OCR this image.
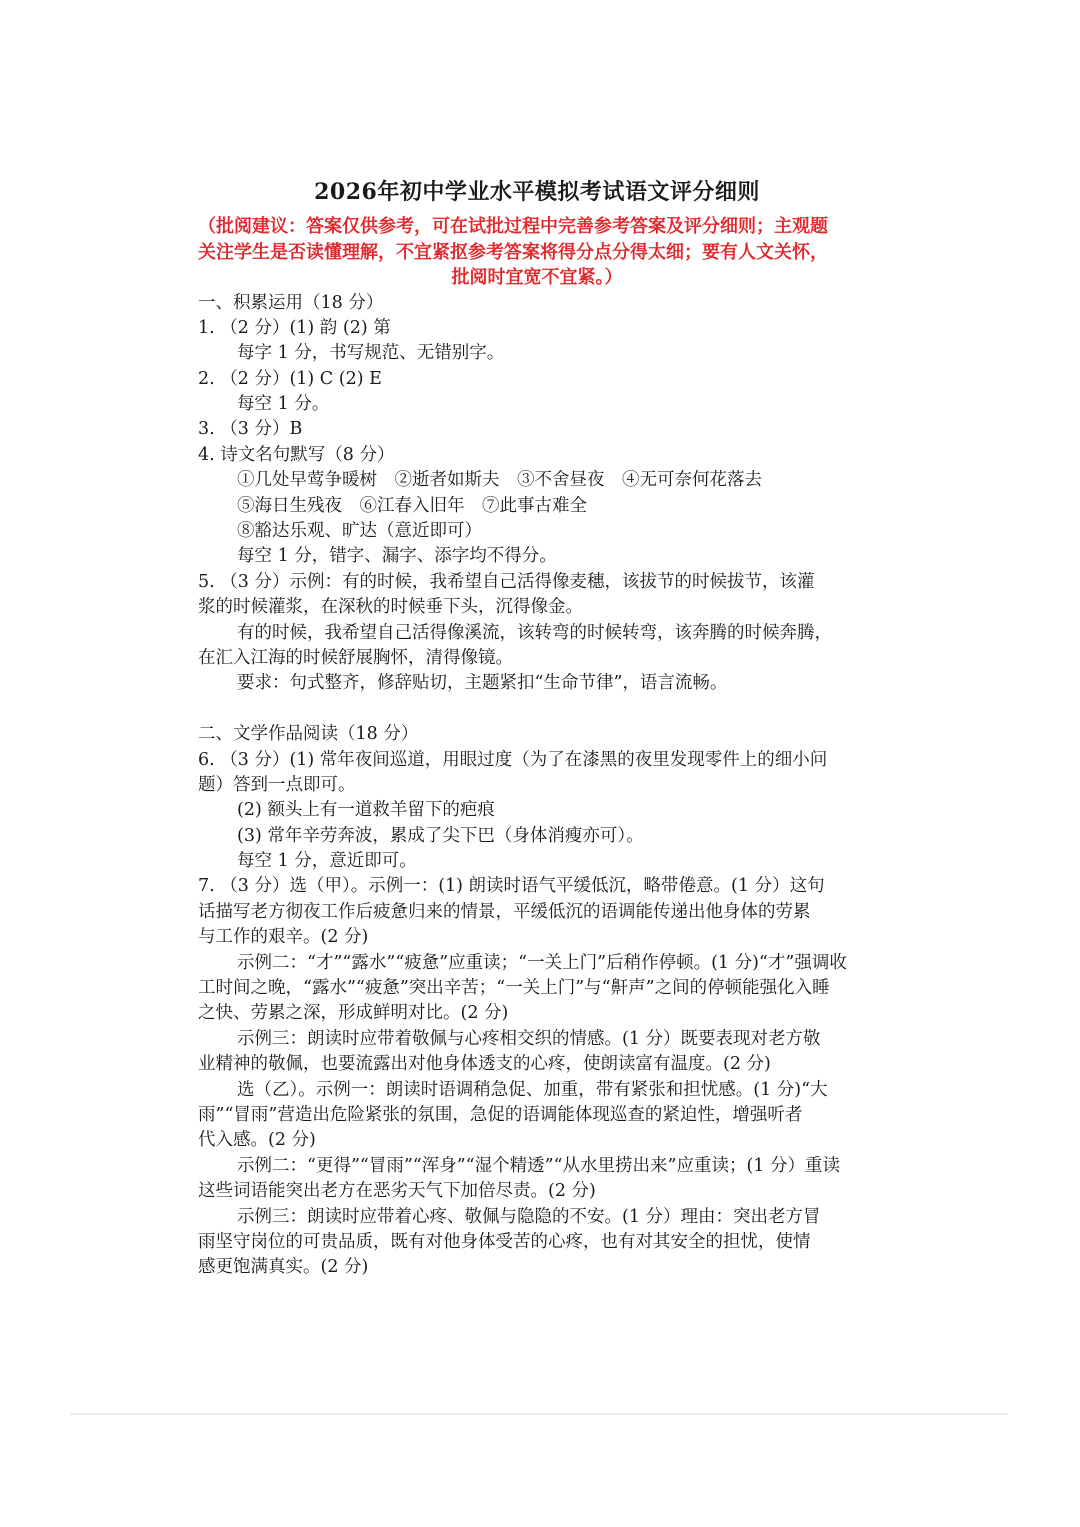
2026年初中学业水平模拟考试语文评分细则
（批阅建议：答案仅供参考，可在试批过程中完善参考答案及评分细则；主观题
关注学生是否读懂理解，不宜紧抠参考答案将得分点分得太细；要有人文关怀，
批阅时宜宽不宜紧。）
一、积累运用（18 分）
1. （2 分）(1) 韵 (2) 第
每字 1 分，书写规范、无错别字。
2. （2 分）(1) C (2) E
每空 1 分。
3. （3 分）B
4. 诗文名句默写（8 分）
①几处早莺争暖树　②逝者如斯夫　③不舍昼夜　④无可奈何花落去
⑤海日生残夜　⑥江春入旧年　⑦此事古难全
⑧豁达乐观、旷达（意近即可）
每空 1 分，错字、漏字、添字均不得分。
5. （3 分）示例：有的时候，我希望自己活得像麦穗，该拔节的时候拔节，该灌
浆的时候灌浆，在深秋的时候垂下头，沉得像金。
有的时候，我希望自己活得像溪流，该转弯的时候转弯，该奔腾的时候奔腾，
在汇入江海的时候舒展胸怀，清得像镜。
要求：句式整齐，修辞贴切，主题紧扣“生命节律”，语言流畅。
二、文学作品阅读（18 分）
6. （3 分）(1) 常年夜间巡道，用眼过度（为了在漆黑的夜里发现零件上的细小问
题）答到一点即可。
(2) 额头上有一道救羊留下的疤痕
(3) 常年辛劳奔波，累成了尖下巴（身体消瘦亦可）。
每空 1 分，意近即可。
7. （3 分）选（甲）。示例一：(1) 朗读时语气平缓低沉，略带倦意。(1 分）这句
话描写老方彻夜工作后疲惫归来的情景，平缓低沉的语调能传递出他身体的劳累
与工作的艰辛。(2 分)
示例二：“才”“露水”“疲惫”应重读；“一关上门”后稍作停顿。(1 分)“才”强调收
工时间之晚，“露水”“疲惫”突出辛苦；“一关上门”与“鼾声”之间的停顿能强化入睡
之快、劳累之深，形成鲜明对比。(2 分)
示例三：朗读时应带着敬佩与心疼相交织的情感。(1 分）既要表现对老方敬
业精神的敬佩，也要流露出对他身体透支的心疼，使朗读富有温度。(2 分)
选（乙）。示例一：朗读时语调稍急促、加重，带有紧张和担忧感。(1 分)“大
雨”“冒雨”营造出危险紧张的氛围，急促的语调能体现巡查的紧迫性，增强听者
代入感。(2 分)
示例二：“更得”“冒雨”“浑身”“湿个精透”“从水里捞出来”应重读；(1 分）重读
这些词语能突出老方在恶劣天气下加倍尽责。(2 分)
示例三：朗读时应带着心疼、敬佩与隐隐的不安。(1 分）理由：突出老方冒
雨坚守岗位的可贵品质，既有对他身体受苦的心疼，也有对其安全的担忧，使情
感更饱满真实。(2 分)
